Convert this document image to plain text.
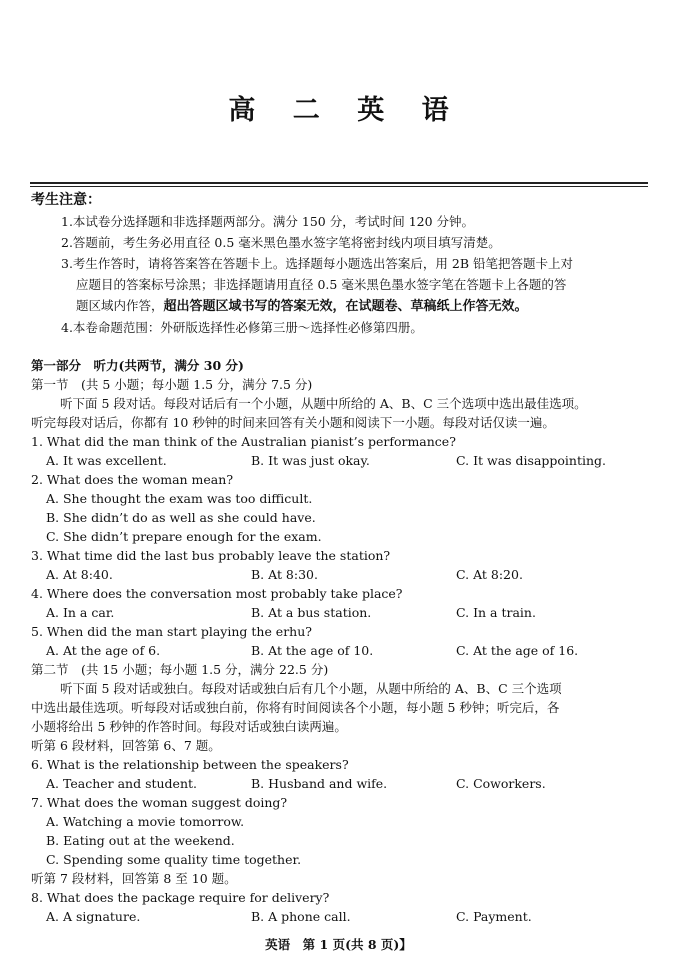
高 二 英 语
考生注意：
1.本试卷分选择题和非选择题两部分。满分 150 分，考试时间 120 分钟。
2.答题前，考生务必用直径 0.5 毫米黑色墨水签字笔将密封线内项目填写清楚。
3.考生作答时，请将答案答在答题卡上。选择题每小题选出答案后，用 2B 铅笔把答题卡上对
应题目的答案标号涂黑；非选择题请用直径 0.5 毫米黑色墨水签字笔在答题卡上各题的答
题区域内作答，超出答题区域书写的答案无效，在试题卷、草稿纸上作答无效。
4.本卷命题范围：外研版选择性必修第三册～选择性必修第四册。
第一部分　听力(共两节，满分 30 分)
第一节　(共 5 小题；每小题 1.5 分，满分 7.5 分)
听下面 5 段对话。每段对话后有一个小题，从题中所给的 A、B、C 三个选项中选出最佳选项。
听完每段对话后，你都有 10 秒钟的时间来回答有关小题和阅读下一小题。每段对话仅读一遍。
1. What did the man think of the Australian pianist’s performance?
A. It was excellent.	B. It was just okay.	C. It was disappointing.
2. What does the woman mean?
A. She thought the exam was too difficult.
B. She didn’t do as well as she could have.
C. She didn’t prepare enough for the exam.
3. What time did the last bus probably leave the station?
A. At 8:40.	B. At 8:30.	C. At 8:20.
4. Where does the conversation most probably take place?
A. In a car.	B. At a bus station.	C. In a train.
5. When did the man start playing the erhu?
A. At the age of 6.	B. At the age of 10.	C. At the age of 16.
第二节　(共 15 小题；每小题 1.5 分，满分 22.5 分)
听下面 5 段对话或独白。每段对话或独白后有几个小题，从题中所给的 A、B、C 三个选项
中选出最佳选项。听每段对话或独白前，你将有时间阅读各个小题，每小题 5 秒钟；听完后，各
小题将给出 5 秒钟的作答时间。每段对话或独白读两遍。
听第 6 段材料，回答第 6、7 题。
6. What is the relationship between the speakers?
A. Teacher and student.	B. Husband and wife.	C. Coworkers.
7. What does the woman suggest doing?
A. Watching a movie tomorrow.
B. Eating out at the weekend.
C. Spending some quality time together.
听第 7 段材料，回答第 8 至 10 题。
8. What does the package require for delivery?
A. A signature.	B. A phone call.	C. Payment.
英语　第 1 页(共 8 页)】
